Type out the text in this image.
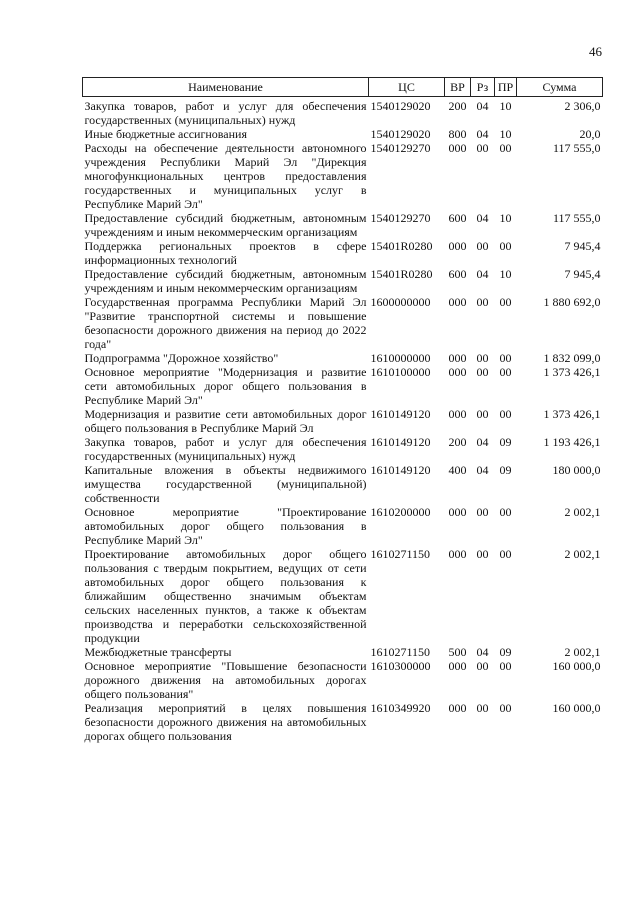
46
Наименование	ЦС	ВР	Рз	ПР	Сумма
Закупка товаров, работ и услуг для обеспечения государственных (муниципальных) нужд	1540129020	200	04	10	2 306,0
Иные бюджетные ассигнования	1540129020	800	04	10	20,0
Расходы на обеспечение деятельности автономного учреждения Республики Марий Эл "Дирекция многофункциональных центров предоставления государственных и муниципальных услуг в Республике Марий Эл"	1540129270	000	00	00	117 555,0
Предоставление субсидий бюджетным, автономным учреждениям и иным некоммерческим организациям	1540129270	600	04	10	117 555,0
Поддержка региональных проектов в сфере информационных технологий	15401R0280	000	00	00	7 945,4
Предоставление субсидий бюджетным, автономным учреждениям и иным некоммерческим организациям	15401R0280	600	04	10	7 945,4
Государственная программа Республики Марий Эл "Развитие транспортной системы и повышение безопасности дорожного движения на период до 2022 года"	1600000000	000	00	00	1 880 692,0
Подпрограмма "Дорожное хозяйство"	1610000000	000	00	00	1 832 099,0
Основное мероприятие "Модернизация и развитие сети автомобильных дорог общего пользования в Республике Марий Эл"	1610100000	000	00	00	1 373 426,1
Модернизация и развитие сети автомобильных дорог общего пользования в Республике Марий Эл	1610149120	000	00	00	1 373 426,1
Закупка товаров, работ и услуг для обеспечения государственных (муниципальных) нужд	1610149120	200	04	09	1 193 426,1
Капитальные вложения в объекты недвижимого имущества государственной (муниципальной) собственности	1610149120	400	04	09	180 000,0
Основное мероприятие "Проектирование автомобильных дорог общего пользования в Республике Марий Эл"	1610200000	000	00	00	2 002,1
Проектирование автомобильных дорог общего пользования с твердым покрытием, ведущих от сети автомобильных дорог общего пользования к ближайшим общественно значимым объектам сельских населенных пунктов, а также к объектам производства и переработки сельскохозяйственной продукции	1610271150	000	00	00	2 002,1
Межбюджетные трансферты	1610271150	500	04	09	2 002,1
Основное мероприятие "Повышение безопасности дорожного движения на автомобильных дорогах общего пользования"	1610300000	000	00	00	160 000,0
Реализация мероприятий в целях повышения безопасности дорожного движения на автомобильных дорогах общего пользования	1610349920	000	00	00	160 000,0
